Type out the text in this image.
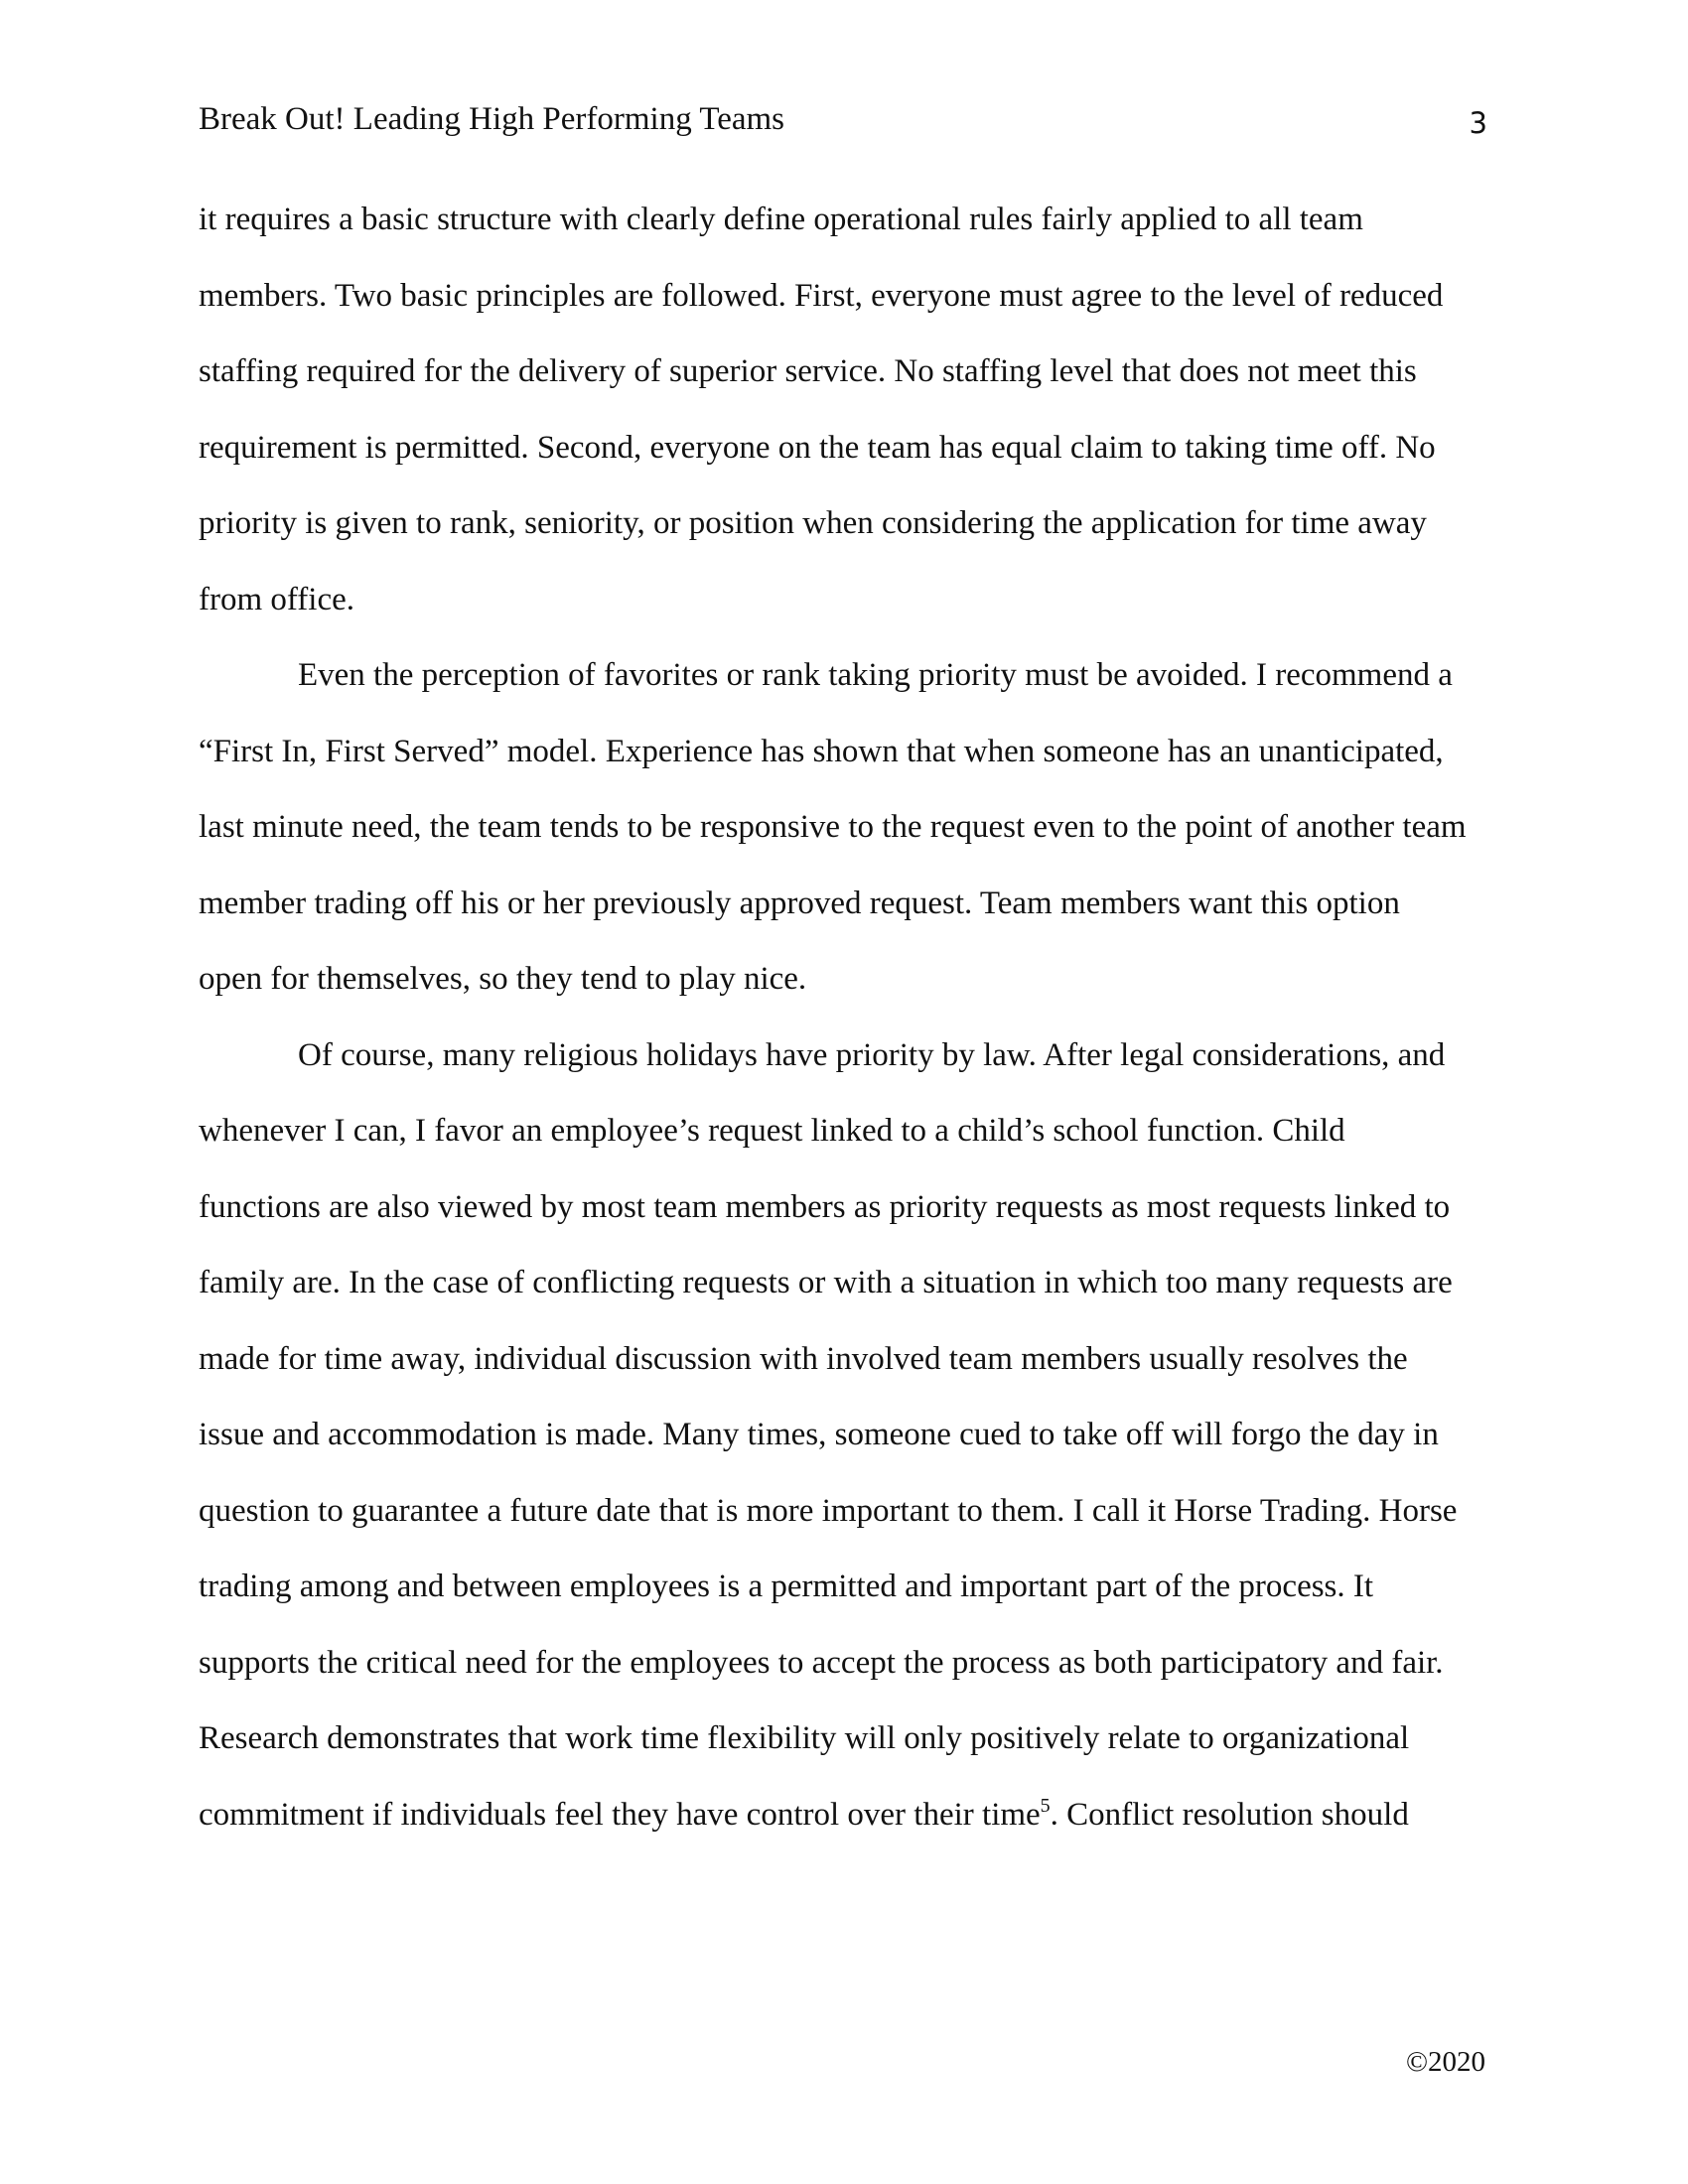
Break Out! Leading High Performing Teams	3
it requires a basic structure with clearly define operational rules fairly applied to all team
members. Two basic principles are followed. First, everyone must agree to the level of reduced
staffing required for the delivery of superior service. No staffing level that does not meet this
requirement is permitted. Second, everyone on the team has equal claim to taking time off. No
priority is given to rank, seniority, or position when considering the application for time away
from office.
Even the perception of favorites or rank taking priority must be avoided. I recommend a
“First In, First Served” model. Experience has shown that when someone has an unanticipated,
last minute need, the team tends to be responsive to the request even to the point of another team
member trading off his or her previously approved request. Team members want this option
open for themselves, so they tend to play nice.
Of course, many religious holidays have priority by law. After legal considerations, and
whenever I can, I favor an employee’s request linked to a child’s school function. Child
functions are also viewed by most team members as priority requests as most requests linked to
family are. In the case of conflicting requests or with a situation in which too many requests are
made for time away, individual discussion with involved team members usually resolves the
issue and accommodation is made. Many times, someone cued to take off will forgo the day in
question to guarantee a future date that is more important to them. I call it Horse Trading. Horse
trading among and between employees is a permitted and important part of the process. It
supports the critical need for the employees to accept the process as both participatory and fair.
Research demonstrates that work time flexibility will only positively relate to organizational
commitment if individuals feel they have control over their time$^5$. Conflict resolution should
©2020
